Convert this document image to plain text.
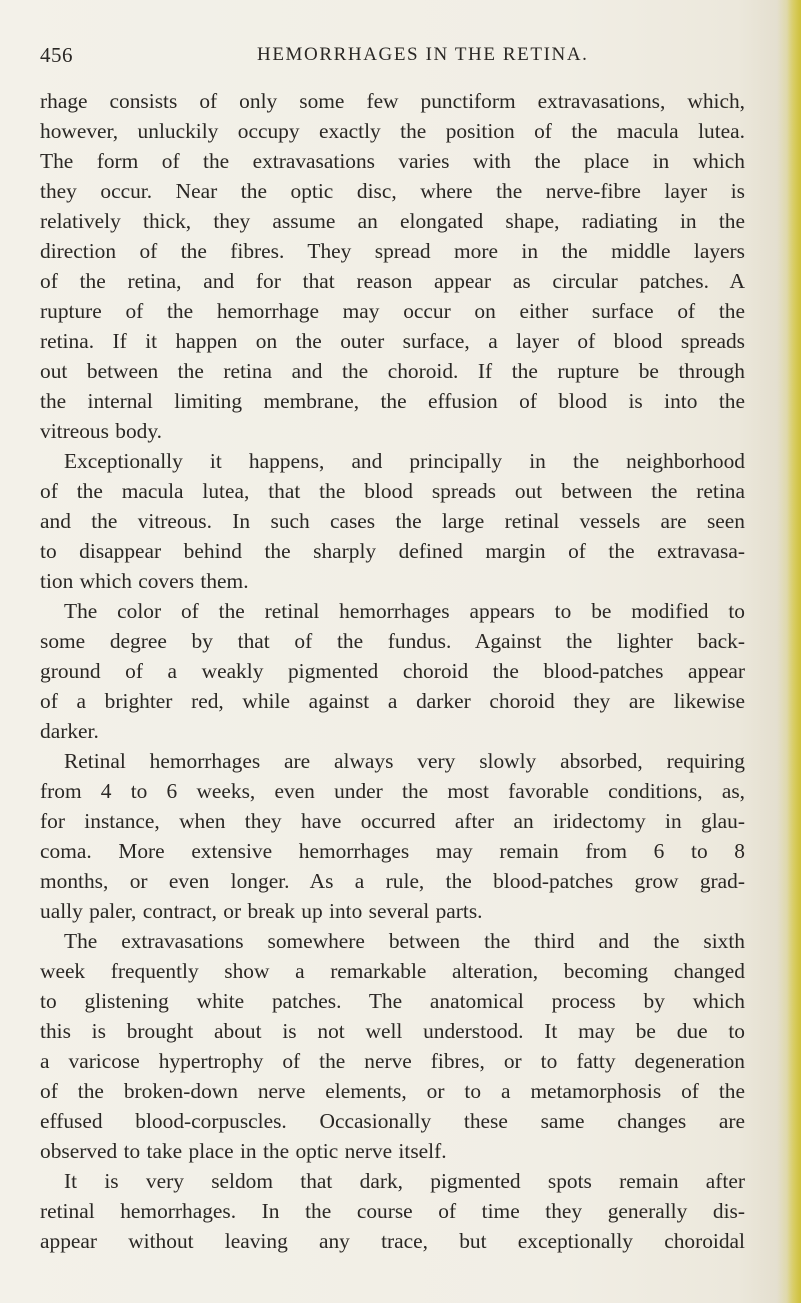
456	HEMORRHAGES IN THE RETINA.
rhage consists of only some few punctiform extravasations, which,
however, unluckily occupy exactly the position of the macula lutea.
The form of the extravasations varies with the place in which
they occur. Near the optic disc, where the nerve-fibre layer is
relatively thick, they assume an elongated shape, radiating in the
direction of the fibres. They spread more in the middle layers
of the retina, and for that reason appear as circular patches. A
rupture of the hemorrhage may occur on either surface of the
retina. If it happen on the outer surface, a layer of blood spreads
out between the retina and the choroid. If the rupture be through
the internal limiting membrane, the effusion of blood is into the
vitreous body.
Exceptionally it happens, and principally in the neighborhood
of the macula lutea, that the blood spreads out between the retina
and the vitreous. In such cases the large retinal vessels are seen
to disappear behind the sharply defined margin of the extravasa-
tion which covers them.
The color of the retinal hemorrhages appears to be modified to
some degree by that of the fundus. Against the lighter back-
ground of a weakly pigmented choroid the blood-patches appear
of a brighter red, while against a darker choroid they are likewise
darker.
Retinal hemorrhages are always very slowly absorbed, requiring
from 4 to 6 weeks, even under the most favorable conditions, as,
for instance, when they have occurred after an iridectomy in glau-
coma. More extensive hemorrhages may remain from 6 to 8
months, or even longer. As a rule, the blood-patches grow grad-
ually paler, contract, or break up into several parts.
The extravasations somewhere between the third and the sixth
week frequently show a remarkable alteration, becoming changed
to glistening white patches. The anatomical process by which
this is brought about is not well understood. It may be due to
a varicose hypertrophy of the nerve fibres, or to fatty degeneration
of the broken-down nerve elements, or to a metamorphosis of the
effused blood-corpuscles. Occasionally these same changes are
observed to take place in the optic nerve itself.
It is very seldom that dark, pigmented spots remain after
retinal hemorrhages. In the course of time they generally dis-
appear without leaving any trace, but exceptionally choroidal
